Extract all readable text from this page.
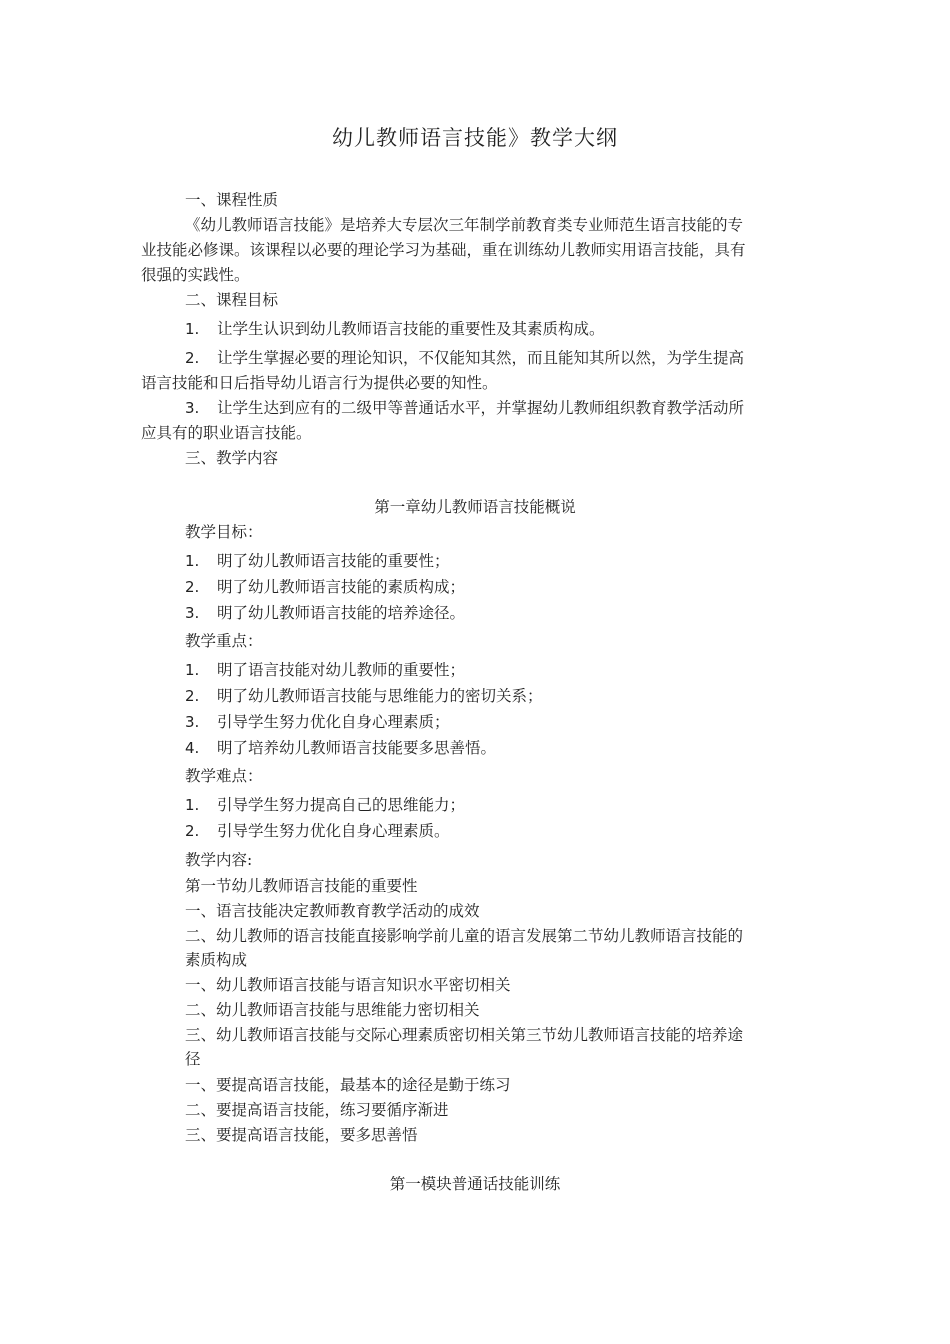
幼儿教师语言技能》教学大纲
一、课程性质
《幼儿教师语言技能》是培养大专层次三年制学前教育类专业师范生语言技能的专
业技能必修课。该课程以必要的理论学习为基础，重在训练幼儿教师实用语言技能，具有
很强的实践性。
二、课程目标
1. 让学生认识到幼儿教师语言技能的重要性及其素质构成。
2. 让学生掌握必要的理论知识，不仅能知其然，而且能知其所以然，为学生提高
语言技能和日后指导幼儿语言行为提供必要的知性。
3. 让学生达到应有的二级甲等普通话水平，并掌握幼儿教师组织教育教学活动所
应具有的职业语言技能。
三、教学内容
第一章幼儿教师语言技能概说
教学目标：
1. 明了幼儿教师语言技能的重要性；
2. 明了幼儿教师语言技能的素质构成；
3. 明了幼儿教师语言技能的培养途径。
教学重点：
1. 明了语言技能对幼儿教师的重要性；
2. 明了幼儿教师语言技能与思维能力的密切关系；
3. 引导学生努力优化自身心理素质；
4. 明了培养幼儿教师语言技能要多思善悟。
教学难点：
1. 引导学生努力提高自己的思维能力；
2. 引导学生努力优化自身心理素质。
教学内容:
第一节幼儿教师语言技能的重要性
一、语言技能决定教师教育教学活动的成效
二、幼儿教师的语言技能直接影响学前儿童的语言发展第二节幼儿教师语言技能的
素质构成
一、幼儿教师语言技能与语言知识水平密切相关
二、幼儿教师语言技能与思维能力密切相关
三、幼儿教师语言技能与交际心理素质密切相关第三节幼儿教师语言技能的培养途
径
一、要提高语言技能，最基本的途径是勤于练习
二、要提高语言技能，练习要循序渐进
三、要提高语言技能，要多思善悟
第一模块普通话技能训练
